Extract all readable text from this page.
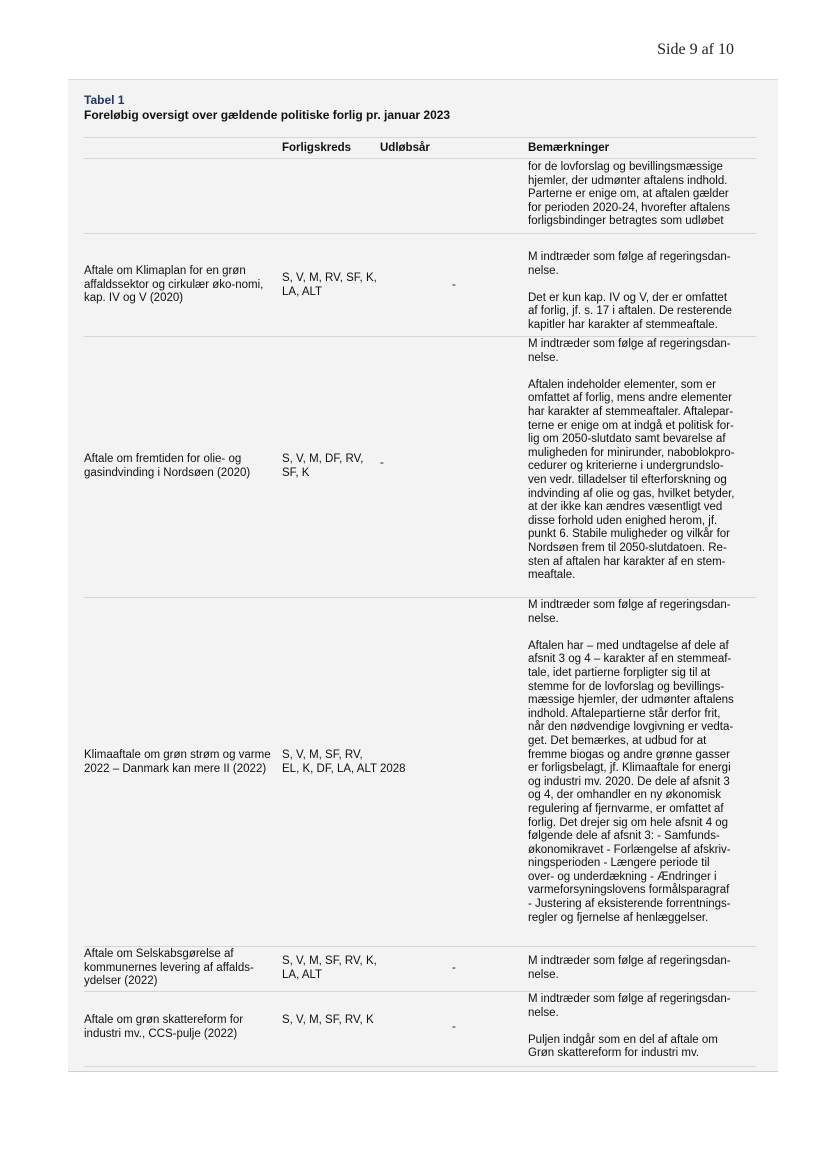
Side 9 af 10
Tabel 1
Foreløbig oversigt over gældende politiske forlig pr. januar 2023
Forligskreds	Udløbsår	Bemærkninger
for de lovforslag og bevillingsmæssige
hjemler, der udmønter aftalens indhold.
Parterne er enige om, at aftalen gælder
for perioden 2020-24, hvorefter aftalens
forligsbindinger betragtes som udløbet
Aftale om Klimaplan for en grøn affaldssektor og cirkulær øko-nomi, kap. IV og V (2020)
S, V, M, RV, SF, K, LA, ALT
-
M indtræder som følge af regeringsdan-
nelse.

Det er kun kap. IV og V, der er omfattet
af forlig, jf. s. 17 i aftalen. De resterende
kapitler har karakter af stemmeaftale.
Aftale om fremtiden for olie- og gasindvinding i Nordsøen (2020)
S, V, M, DF, RV, SF, K
-
M indtræder som følge af regeringsdan-
nelse.

Aftalen indeholder elementer, som er
omfattet af forlig, mens andre elementer
har karakter af stemmeaftaler. Aftalepar-
terne er enige om at indgå et politisk for-
lig om 2050-slutdato samt bevarelse af
muligheden for minirunder, naboblokpro-
cedurer og kriterierne i undergrundslo-
ven vedr. tilladelser til efterforskning og
indvinding af olie og gas, hvilket betyder,
at der ikke kan ændres væsentligt ved
disse forhold uden enighed herom, jf.
punkt 6. Stabile muligheder og vilkår for
Nordsøen frem til 2050-slutdatoen. Re-
sten af aftalen har karakter af en stem-
meaftale.
Klimaaftale om grøn strøm og varme 2022 – Danmark kan mere II (2022)
S, V, M, SF, RV, EL, K, DF, LA, ALT 2028
M indtræder som følge af regeringsdan-
nelse.

Aftalen har – med undtagelse af dele af
afsnit 3 og 4 – karakter af en stemmeaf-
tale, idet partierne forpligter sig til at
stemme for de lovforslag og bevillings-
mæssige hjemler, der udmønter aftalens
indhold. Aftalepartierne står derfor frit,
når den nødvendige lovgivning er vedta-
get. Det bemærkes, at udbud for at
fremme biogas og andre grønne gasser
er forligsbelagt, jf. Klimaaftale for energi
og industri mv. 2020. De dele af afsnit 3
og 4, der omhandler en ny økonomisk
regulering af fjernvarme, er omfattet af
forlig. Det drejer sig om hele afsnit 4 og
følgende dele af afsnit 3: - Samfunds-
økonomikravet - Forlængelse af afskriv-
ningsperioden - Længere periode til
over- og underdækning - Ændringer i
varmeforsyningslovens formålsparagraf
- Justering af eksisterende forrentnings-
regler og fjernelse af henlæggelser.
Aftale om Selskabsgørelse af kommunernes levering af affalds-ydelser (2022)
S, V, M, SF, RV, K, LA, ALT
-
M indtræder som følge af regeringsdan-
nelse.
Aftale om grøn skattereform for industri mv., CCS-pulje (2022)
S, V, M, SF, RV, K
-
M indtræder som følge af regeringsdan-
nelse.

Puljen indgår som en del af aftale om
Grøn skattereform for industri mv.
